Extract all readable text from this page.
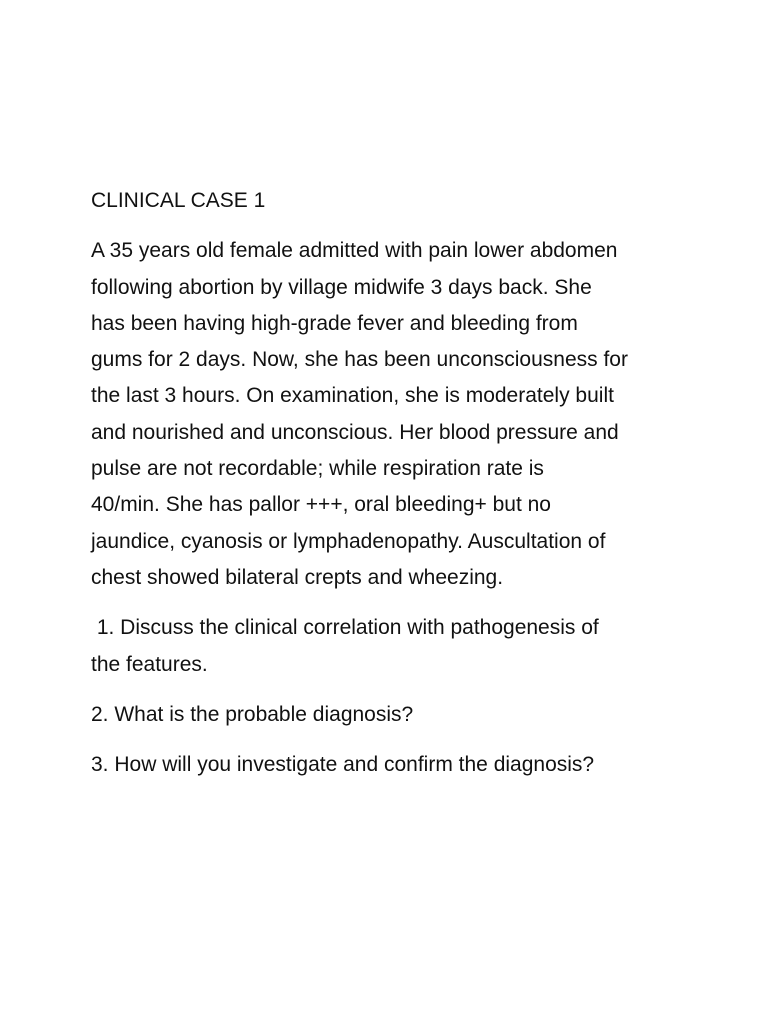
CLINICAL CASE 1
A 35 years old female admitted with pain lower abdomen
following abortion by village midwife 3 days back. She
has been having high-grade fever and bleeding from
gums for 2 days. Now, she has been unconsciousness for
the last 3 hours. On examination, she is moderately built
and nourished and unconscious. Her blood pressure and
pulse are not recordable; while respiration rate is
40/min. She has pallor +++, oral bleeding+ but no
jaundice, cyanosis or lymphadenopathy. Auscultation of
chest showed bilateral crepts and wheezing.
1. Discuss the clinical correlation with pathogenesis of
the features.
2. What is the probable diagnosis?
3. How will you investigate and confirm the diagnosis?
